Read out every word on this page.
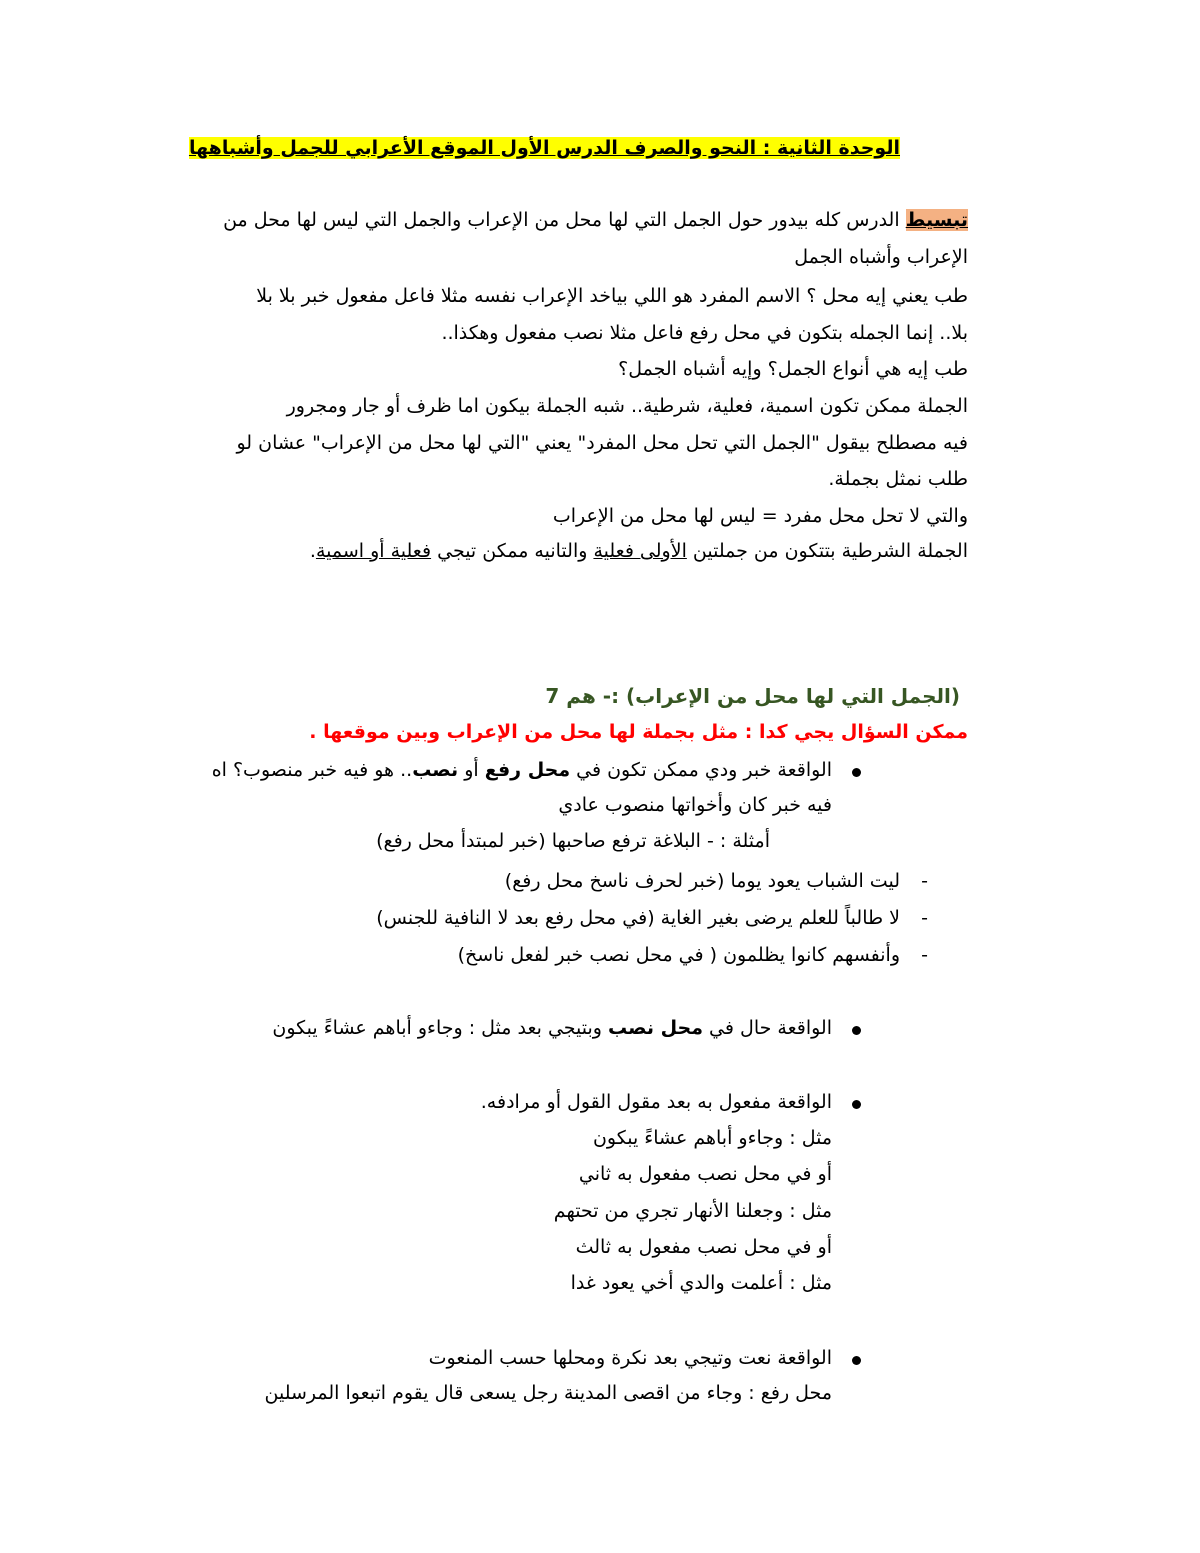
الوحدة الثانية : النحو والصرف الدرس الأول الموقع الأعرابي للجمل وأشباهها

تبسيط الدرس كله بيدور حول الجمل التي لها محل من الإعراب والجمل التي ليس لها محل من

الإعراب وأشباه الجمل

طب يعني إيه محل ؟ الاسم المفرد هو اللي بياخد الإعراب نفسه مثلا فاعل مفعول خبر بلا بلا

بلا.. إنما الجمله بتكون في محل رفع فاعل مثلا نصب مفعول وهكذا..

طب إيه هي أنواع الجمل؟ وإيه أشباه الجمل؟

الجملة ممكن تكون اسمية، فعلية، شرطية.. شبه الجملة بيكون اما ظرف أو جار ومجرور

فيه مصطلح بيقول "الجمل التي تحل محل المفرد" يعني "التي لها محل من الإعراب" عشان لو

طلب نمثل بجملة.

والتي لا تحل محل مفرد = ليس لها محل من الإعراب

الجملة الشرطية بتتكون من جملتين الأولى فعلية والتانيه ممكن تيجي فعلية أو اسمية.

(الجمل التي لها محل من الإعراب) :- هم 7

ممكن السؤال يجي كدا : مثل بجملة لها محل من الإعراب وبين موقعها .

الواقعة خبر ودي ممكن تكون في محل رفع أو نصب.. هو فيه خبر منصوب؟ اه

فيه خبر كان وأخواتها منصوب عادي

أمثلة : - البلاغة ترفع صاحبها (خبر لمبتدأ محل رفع)

-

ليت الشباب يعود يوما (خبر لحرف ناسخ محل رفع)

-

لا طالباً للعلم يرضى بغير الغاية (في محل رفع بعد لا النافية للجنس)

-

وأنفسهم كانوا يظلمون ( في محل نصب خبر لفعل ناسخ)

الواقعة حال في محل نصب وبتيجي بعد مثل : وجاءو أباهم عشاءً يبكون

الواقعة مفعول به بعد مقول القول أو مرادفه.

مثل : وجاءو أباهم عشاءً يبكون

أو في محل نصب مفعول به ثاني

مثل : وجعلنا الأنهار تجري من تحتهم

أو في محل نصب مفعول به ثالث

مثل : أعلمت والدي أخي يعود غدا

الواقعة نعت وتيجي بعد نكرة ومحلها حسب المنعوت

محل رفع : وجاء من اقصى المدينة رجل يسعى قال يقوم اتبعوا المرسلين
